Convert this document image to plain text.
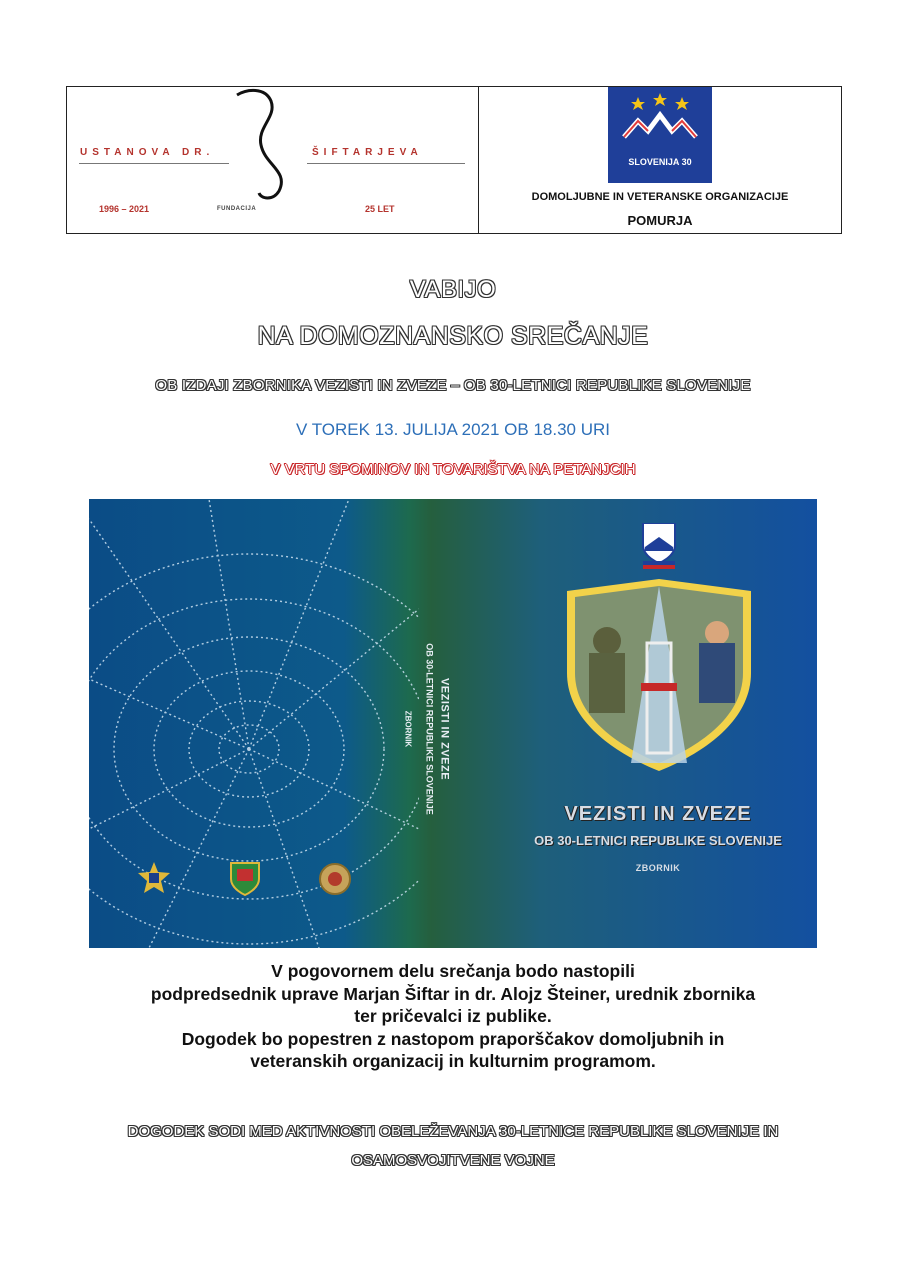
USTANOVA DR.	ŠIFTARJEVA
1996 – 2021	FUNDACIJA	25 LET
SLOVENIJA 30
DOMOLJUBNE IN VETERANSKE ORGANIZACIJE
POMURJA
VABIJO
NA DOMOZNANSKO SREČANJE
OB IZDAJI ZBORNIKA VEZISTI IN ZVEZE – OB 30-LETNICI REPUBLIKE SLOVENIJE
V TOREK 13. JULIJA 2021 OB 18.30 URI
V VRTU SPOMINOV IN TOVARIŠTVA NA PETANJCIH
VEZISTI IN ZVEZE
OB 30-LETNICI REPUBLIKE SLOVENIJE
ZBORNIK
VEZISTI IN ZVEZE
OB 30-LETNICI REPUBLIKE SLOVENIJE
ZBORNIK
V pogovornem delu srečanja bodo nastopili
podpredsednik uprave Marjan Šiftar in dr. Alojz Šteiner, urednik zbornika
ter pričevalci iz publike.
Dogodek bo popestren z nastopom praporščakov domoljubnih in
veteranskih organizacij in kulturnim programom.
DOGODEK SODI MED AKTIVNOSTI OBELEŽEVANJA 30-LETNICE REPUBLIKE SLOVENIJE IN
OSAMOSVOJITVENE VOJNE
